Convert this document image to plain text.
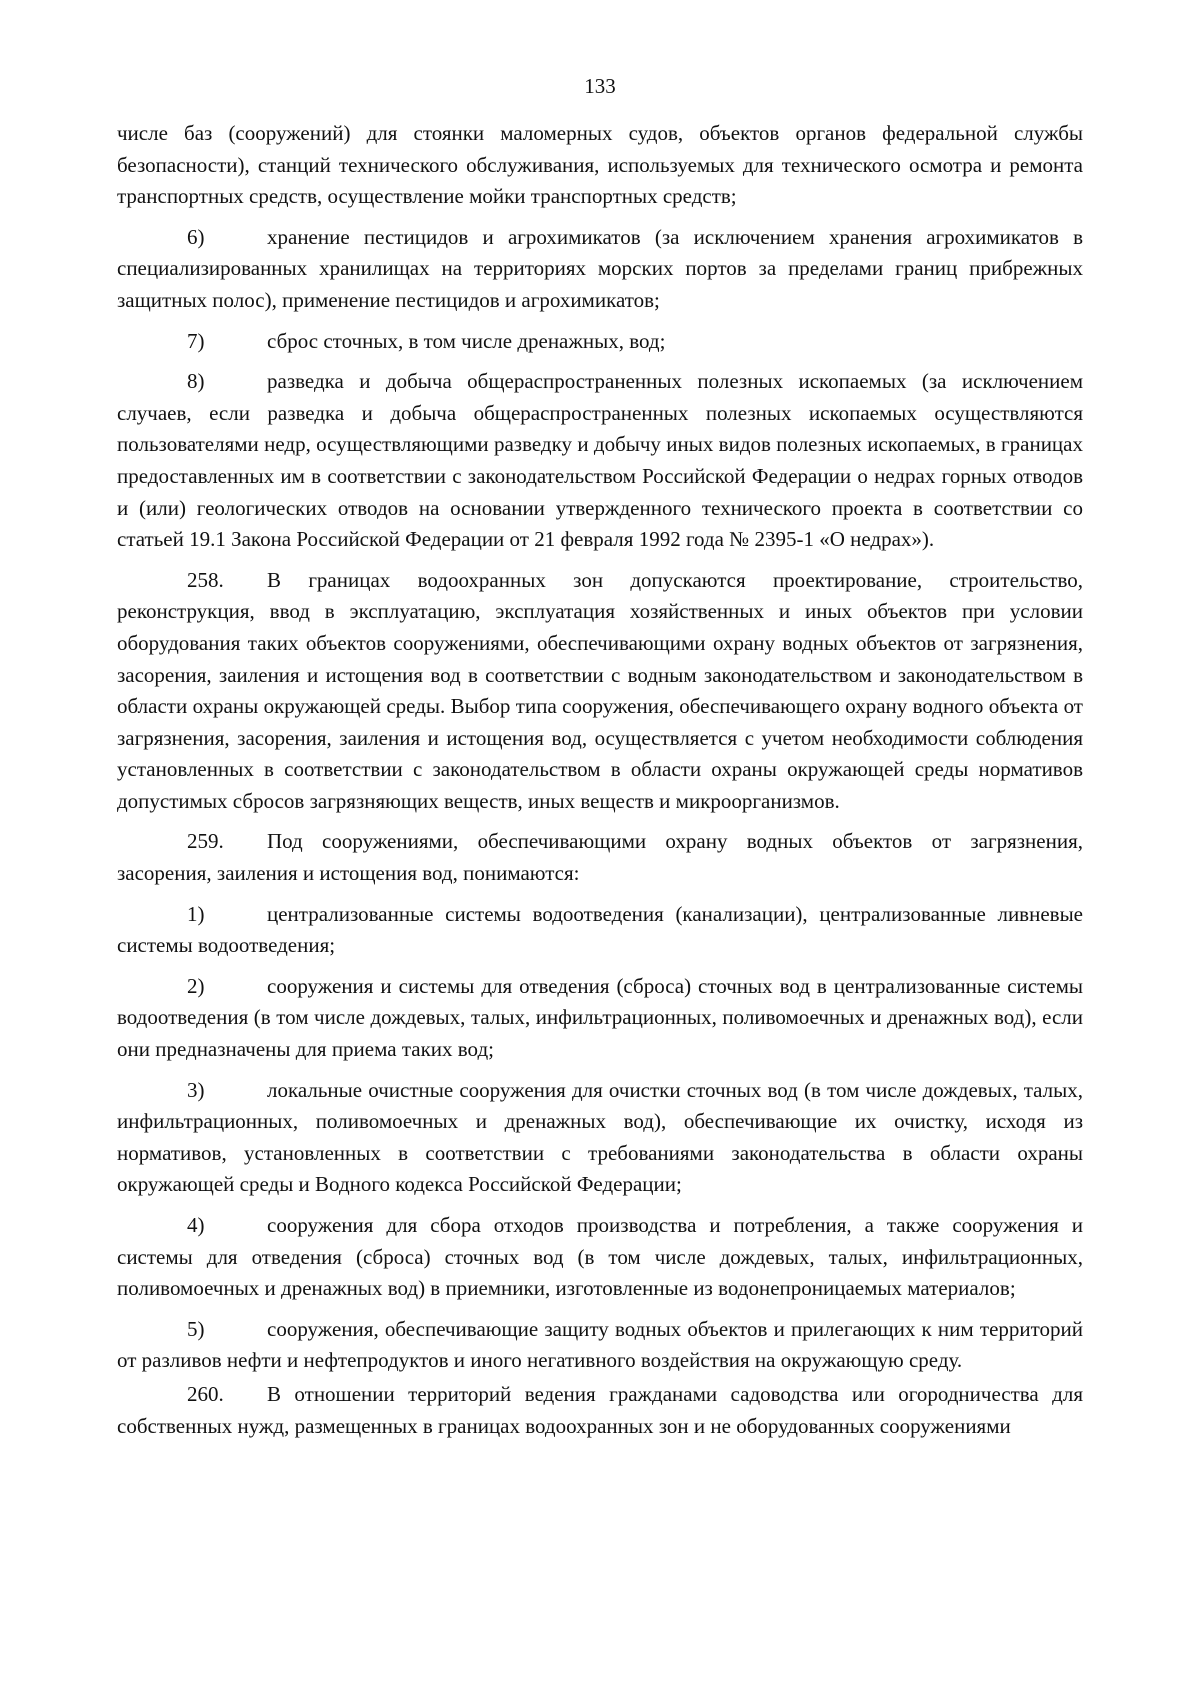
133

числе баз (сооружений) для стоянки маломерных судов, объектов органов федеральной службы безопасности), станций технического обслуживания, используемых для технического осмотра и ремонта транспортных средств, осуществление мойки транспортных средств;

6)	хранение пестицидов и агрохимикатов (за исключением хранения агрохимикатов в специализированных хранилищах на территориях морских портов за пределами границ прибрежных защитных полос), применение пестицидов и агрохимикатов;

7)	сброс сточных, в том числе дренажных, вод;

8)	разведка и добыча общераспространенных полезных ископаемых (за исключением случаев, если разведка и добыча общераспространенных полезных ископаемых осуществляются пользователями недр, осуществляющими разведку и добычу иных видов полезных ископаемых, в границах предоставленных им в соответствии с законодательством Российской Федерации о недрах горных отводов и (или) геологических отводов на основании утвержденного технического проекта в соответствии со статьей 19.1 Закона Российской Федерации от 21 февраля 1992 года № 2395-1 «О недрах»).

258. В границах водоохранных зон допускаются проектирование, строительство, реконструкция, ввод в эксплуатацию, эксплуатация хозяйственных и иных объектов при условии оборудования таких объектов сооружениями, обеспечивающими охрану водных объектов от загрязнения, засорения, заиления и истощения вод в соответствии с водным законодательством и законодательством в области охраны окружающей среды. Выбор типа сооружения, обеспечивающего охрану водного объекта от загрязнения, засорения, заиления и истощения вод, осуществляется с учетом необходимости соблюдения установленных в соответствии с законодательством в области охраны окружающей среды нормативов допустимых сбросов загрязняющих веществ, иных веществ и микроорганизмов.

259. Под сооружениями, обеспечивающими охрану водных объектов от загрязнения, засорения, заиления и истощения вод, понимаются:

1)	централизованные системы водоотведения (канализации), централизованные ливневые системы водоотведения;

2)	сооружения и системы для отведения (сброса) сточных вод в централизованные системы водоотведения (в том числе дождевых, талых, инфильтрационных, поливомоечных и дренажных вод), если они предназначены для приема таких вод;

3)	локальные очистные сооружения для очистки сточных вод (в том числе дождевых, талых, инфильтрационных, поливомоечных и дренажных вод), обеспечивающие их очистку, исходя из нормативов, установленных в соответствии с требованиями законодательства в области охраны окружающей среды и Водного кодекса Российской Федерации;

4)	сооружения для сбора отходов производства и потребления, а также сооружения и системы для отведения (сброса) сточных вод (в том числе дождевых, талых, инфильтрационных, поливомоечных и дренажных вод) в приемники, изготовленные из водонепроницаемых материалов;

5)	сооружения, обеспечивающие защиту водных объектов и прилегающих к ним территорий от разливов нефти и нефтепродуктов и иного негативного воздействия на окружающую среду.

260. В отношении территорий ведения гражданами садоводства или огородничества для собственных нужд, размещенных в границах водоохранных зон и не оборудованных сооружениями
